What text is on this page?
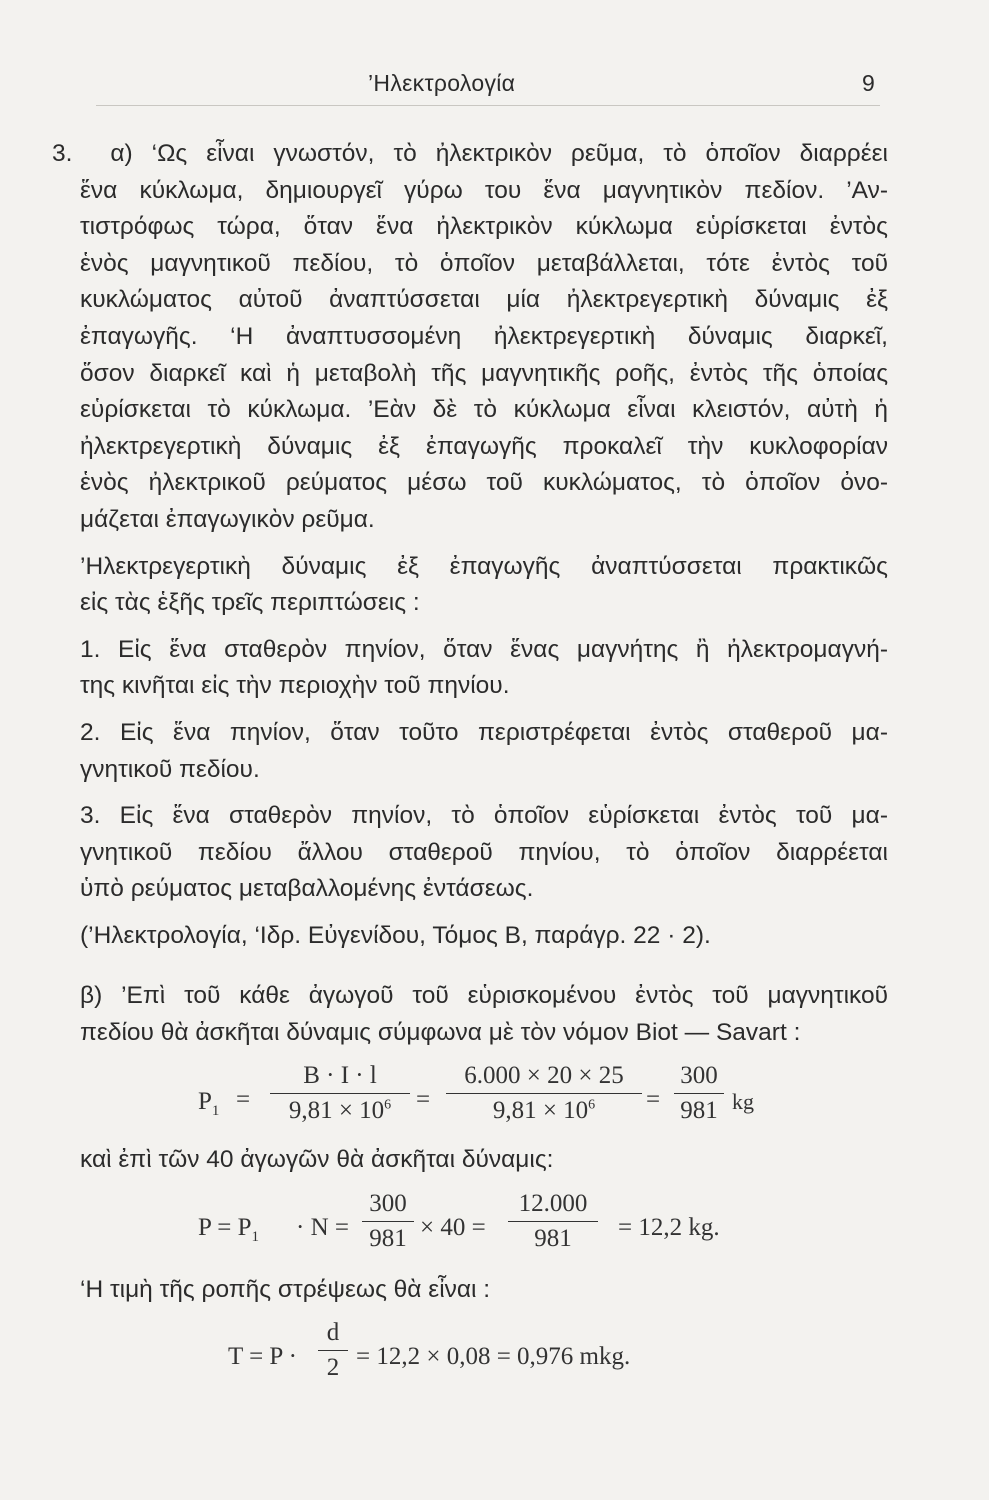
’Ηλεκτρολογία	9

3. α) ‘Ως εἶναι γνωστόν, τὸ ἠλεκτρικὸν ρεῦμα, τὸ ὁποῖον διαρρέει

ἕνα κύκλωμα, δημιουργεῖ γύρω του ἕνα μαγνητικὸν πεδίον. ’Αν-

τιστρόφως τώρα, ὅταν ἕνα ἠλεκτρικὸν κύκλωμα εὑρίσκεται ἐντὸς

ἑνὸς μαγνητικοῦ πεδίου, τὸ ὁποῖον μεταβάλλεται, τότε ἐντὸς τοῦ

κυκλώματος αὐτοῦ ἀναπτύσσεται μία ἠλεκτρεγερτικὴ δύναμις ἐξ

ἐπαγωγῆς. ‘Η ἀναπτυσσομένη ἠλεκτρεγερτικὴ δύναμις διαρκεῖ,

ὅσον διαρκεῖ καὶ ἡ μεταβολὴ τῆς μαγνητικῆς ροῆς, ἐντὸς τῆς ὁποίας

εὑρίσκεται τὸ κύκλωμα. ’Εὰν δὲ τὸ κύκλωμα εἶναι κλειστόν, αὐτὴ ἡ

ἠλεκτρεγερτικὴ δύναμις ἐξ ἐπαγωγῆς προκαλεῖ τὴν κυκλοφορίαν

ἑνὸς ἠλεκτρικοῦ ρεύματος μέσω τοῦ κυκλώματος, τὸ ὁποῖον ὀνο-

μάζεται ἐπαγωγικὸν ρεῦμα.

’Ηλεκτρεγερτικὴ δύναμις ἐξ ἐπαγωγῆς ἀναπτύσσεται πρακτικῶς

εἰς τὰς ἑξῆς τρεῖς περιπτώσεις :

1. Εἰς ἕνα σταθερὸν πηνίον, ὅταν ἕνας μαγνήτης ἢ ἠλεκτρομαγνή-

της κινῆται εἰς τὴν περιοχὴν τοῦ πηνίου.

2. Εἰς ἕνα πηνίον, ὅταν τοῦτο περιστρέφεται ἐντὸς σταθεροῦ μα-

γνητικοῦ πεδίου.

3. Εἰς ἕνα σταθερὸν πηνίον, τὸ ὁποῖον εὑρίσκεται ἐντὸς τοῦ μα-

γνητικοῦ πεδίου ἄλλου σταθεροῦ πηνίου, τὸ ὁποῖον διαρρέεται

ὑπὸ ρεύματος μεταβαλλομένης ἐντάσεως.

(’Ηλεκτρολογία, ‘Ιδρ. Εὐγενίδου, Τόμος Β, παράγρ. 22 · 2).

β) ’Επὶ τοῦ κάθε ἀγωγοῦ τοῦ εὑρισκομένου ἐντὸς τοῦ μαγνητικοῦ

πεδίου θὰ ἀσκῆται δύναμις σύμφωνα μὲ τὸν νόμον Biot — Savart :

$P_1$ =
B · I · l
$9,81 \times 10^6$ =
6.000 × 20 × 25
$9,81 \times 10^6$	=
300
981 kg

καὶ ἐπὶ τῶν 40 ἀγωγῶν θὰ ἀσκῆται δύναμις:

$P = P_1 \cdot N$ =
300
981 × 40 =
12.000
981	= 12,2 kg.

‘Η τιμὴ τῆς ροπῆς στρέψεως θὰ εἶναι :

T = P ·
d
2 = 12,2 × 0,08 = 0,976 mkg.
